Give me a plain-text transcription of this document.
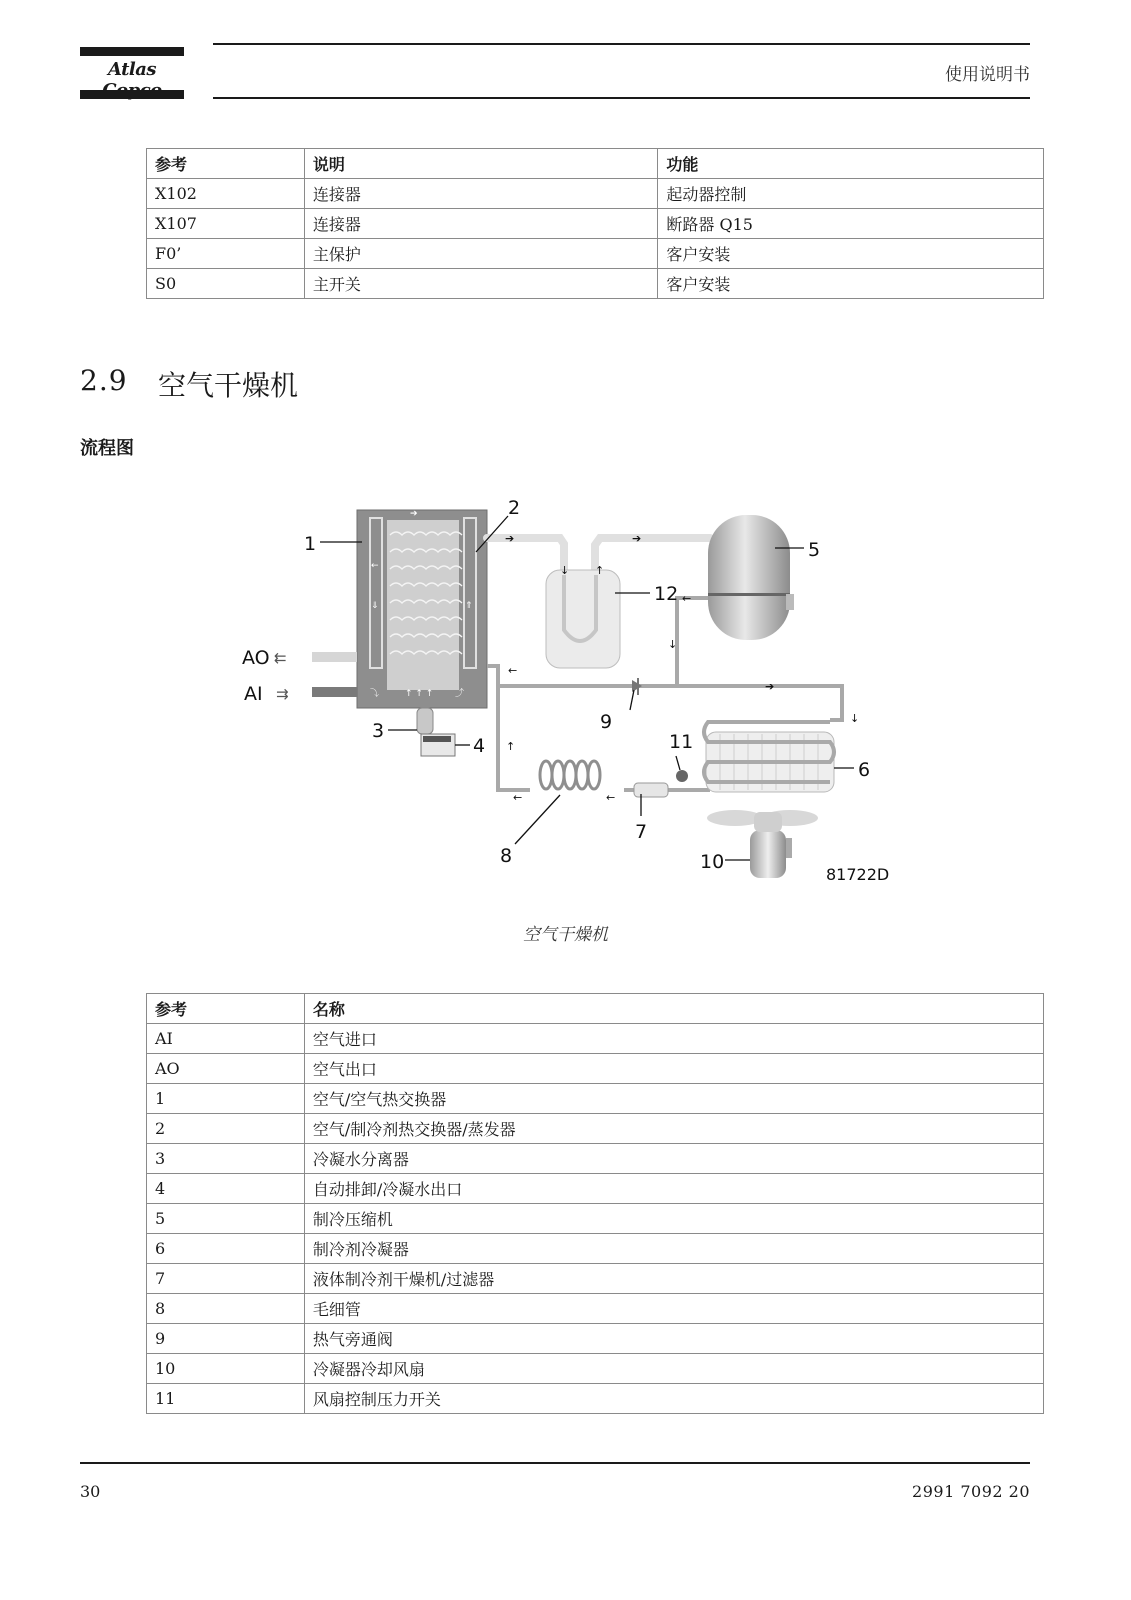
Atlas	使用说明书
参考	说明	功能
X102	连接器	起动器控制
X107	连接器	断路器 Q15
F0’	主保护	客户安装
S0	主开关	客户安装
2.9 空气干燥机
流程图
➔
←
⇓	⇑
↑ ↑ ↑
⤵	⤴
➔	➔
←
←
➔
↓
↓
↑
←	←
↓ ↑
1
2
3
4
5
6
7
8
9
10
11
12
AO
AI
⇇
⇉
81722D
空气干燥机
参考	名称
AI	空气进口
AO	空气出口
1	空气/空气热交换器
2	空气/制冷剂热交换器/蒸发器
3	冷凝水分离器
4	自动排卸/冷凝水出口
5	制冷压缩机
6	制冷剂冷凝器
7	液体制冷剂干燥机/过滤器
8	毛细管
9	热气旁通阀
10	冷凝器冷却风扇
11	风扇控制压力开关
30	2991 7092 20
